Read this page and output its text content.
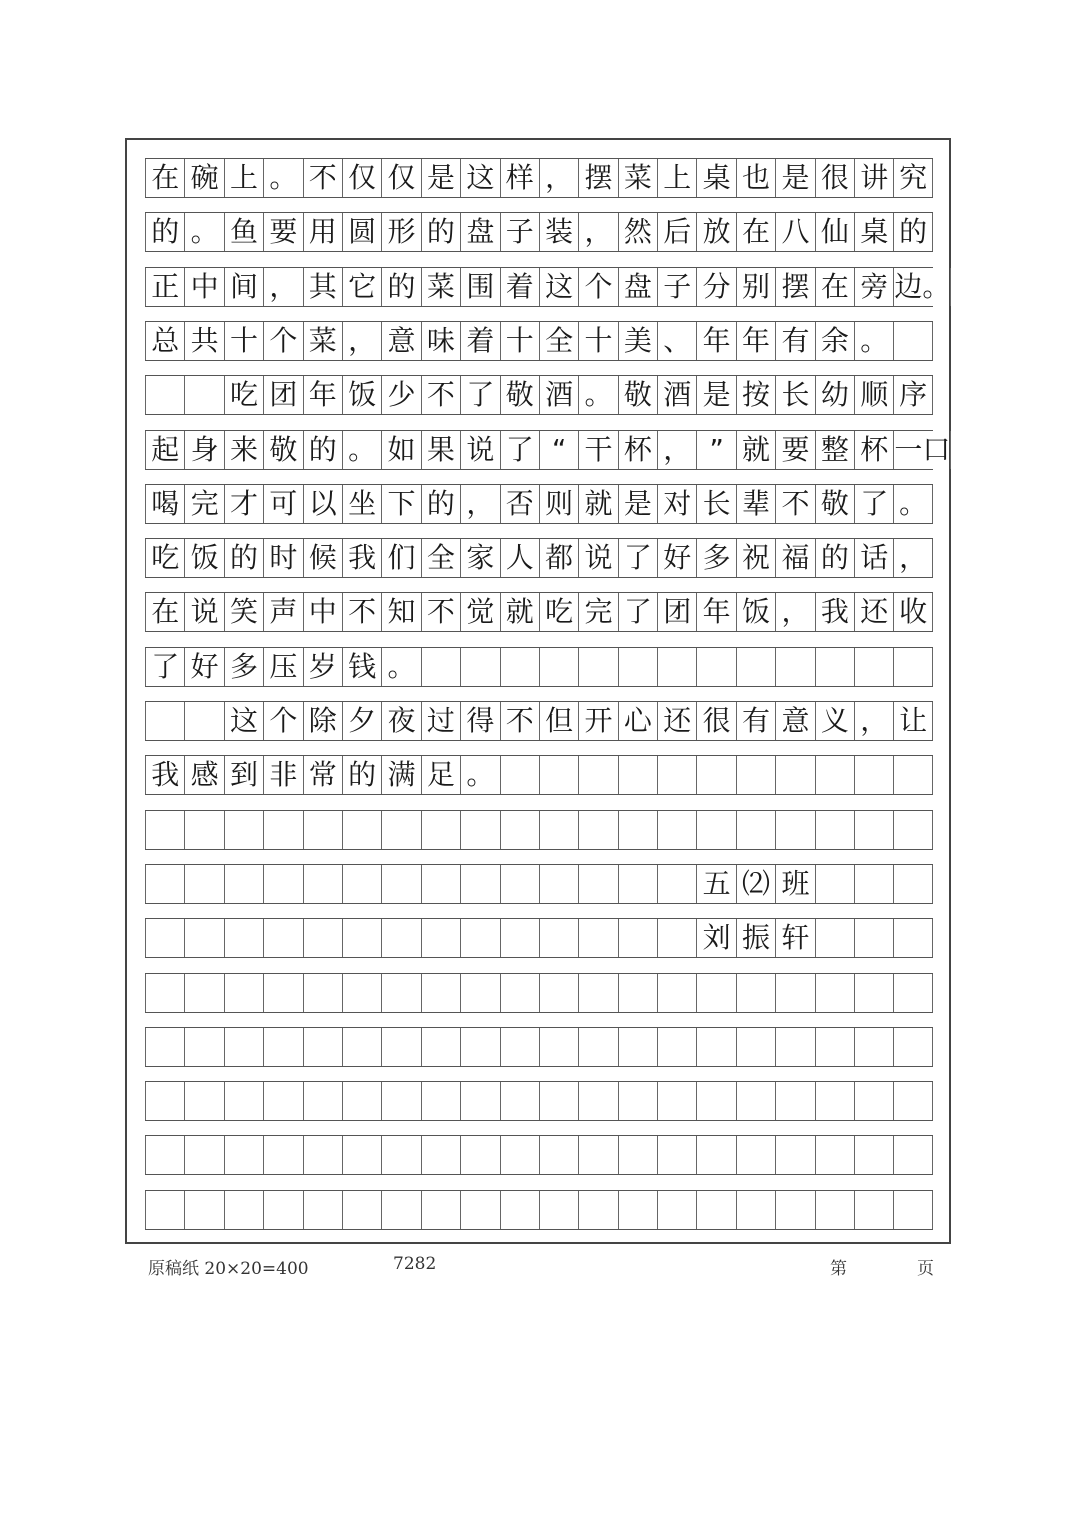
在 碗 上 。 不 仅 仅 是 这 样 ， 摆 菜 上 桌 也 是 很 讲 究
的 。 鱼 要 用 圆 形 的 盘 子 装 ， 然 后 放 在 八 仙 桌 的
正 中 间 ， 其 它 的 菜 围 着 这 个 盘 子 分 别 摆 在 旁 边。
总 共 十 个 菜 ， 意 味 着 十 全 十 美 、 年 年 有 余 。
吃 团 年 饭 少 不 了 敬 酒 。 敬 酒 是 按 长 幼 顺 序
起 身 来 敬 的 。 如 果 说 了 “ 干 杯 ， ” 就 要 整 杯 一口
喝 完 才 可 以 坐 下 的 ， 否 则 就 是 对 长 辈 不 敬 了 。
吃 饭 的 时 候 我 们 全 家 人 都 说 了 好 多 祝 福 的 话 ，
在 说 笑 声 中 不 知 不 觉 就 吃 完 了 团 年 饭 ， 我 还 收
了 好 多 压 岁 钱 。
这 个 除 夕 夜 过 得 不 但 开 心 还 很 有 意 义 ， 让
我 感 到 非 常 的 满 足 。
五 ⑵ 班
刘 振 轩
原稿纸 20×20=400	7282	第	页
